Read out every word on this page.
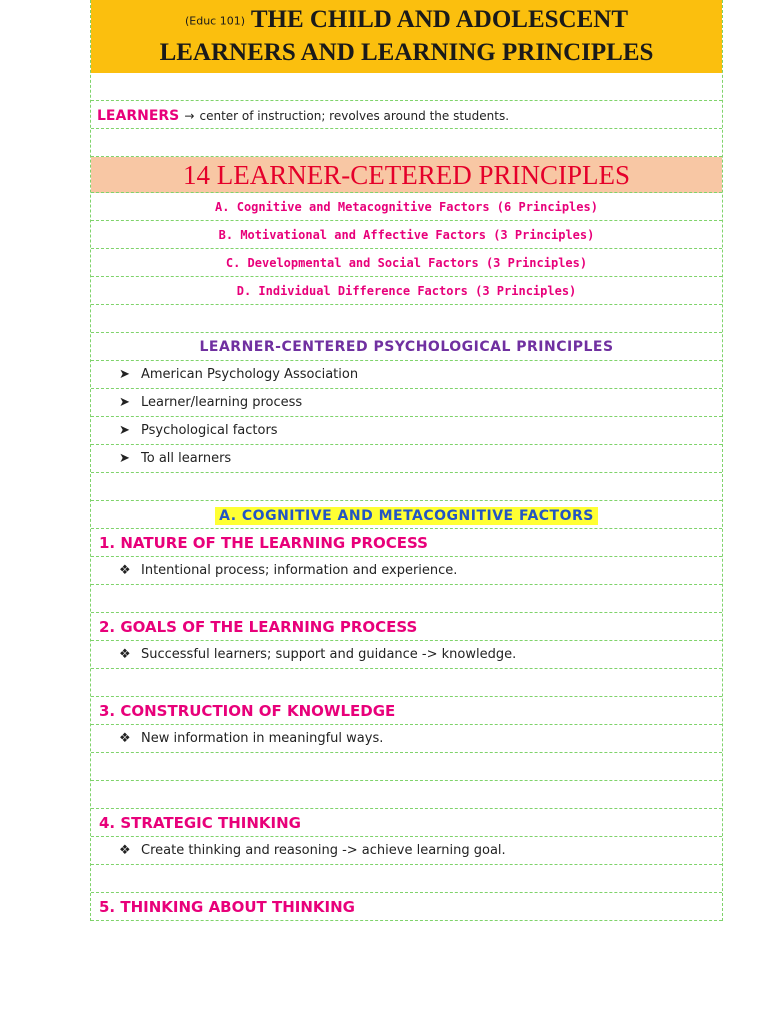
(Educ 101) THE CHILD AND ADOLESCENT
LEARNERS AND LEARNING PRINCIPLES
LEARNERS → center of instruction; revolves around the students.
14 LEARNER-CETERED PRINCIPLES
A. Cognitive and Metacognitive Factors (6 Principles)
B. Motivational and Affective Factors (3 Principles)
C. Developmental and Social Factors (3 Principles)
D. Individual Difference Factors (3 Principles)
LEARNER-CENTERED PSYCHOLOGICAL PRINCIPLES
➤ American Psychology Association
➤ Learner/learning process
➤ Psychological factors
➤ To all learners
A. COGNITIVE AND METACOGNITIVE FACTORS
1. NATURE OF THE LEARNING PROCESS
❖ Intentional process; information and experience.
2. GOALS OF THE LEARNING PROCESS
❖ Successful learners; support and guidance -> knowledge.
3. CONSTRUCTION OF KNOWLEDGE
❖ New information in meaningful ways.
4. STRATEGIC THINKING
❖ Create thinking and reasoning -> achieve learning goal.
5. THINKING ABOUT THINKING
